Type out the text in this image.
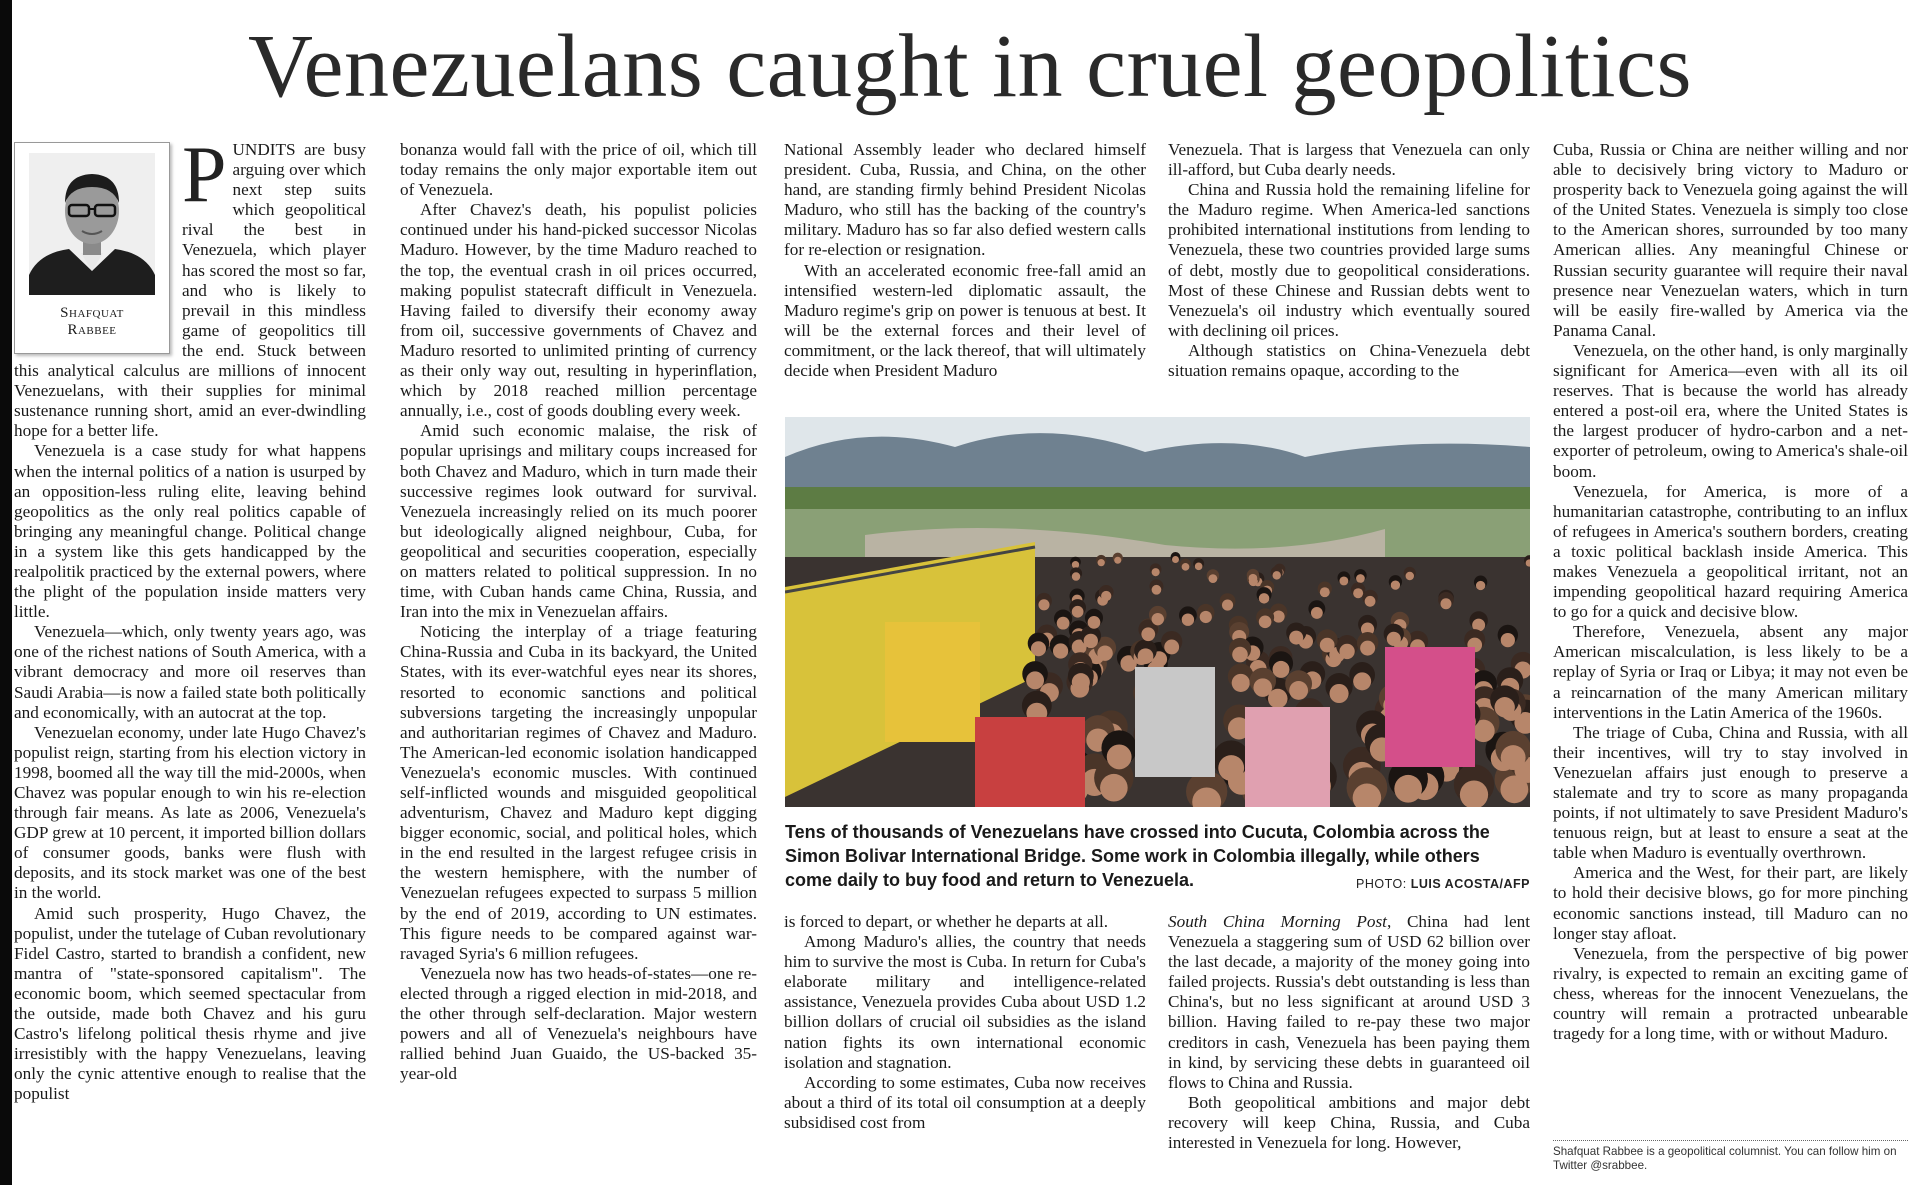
Venezuelans caught in cruel geopolitics
Shafquat
Rabbee

PUNDITS are busy arguing over which next step suits which geopolitical rival the best in Venezuela, which player has scored the most so far, and who is likely to prevail in this mindless game of geopolitics till the end. Stuck between this analytical calculus are millions of innocent Venezuelans, with their supplies for minimal sustenance running short, amid an ever-dwindling hope for a better life.

Venezuela is a case study for what happens when the internal politics of a nation is usurped by an opposition-less ruling elite, leaving behind geopolitics as the only real politics capable of bringing any meaningful change. Political change in a system like this gets handicapped by the realpolitik practiced by the external powers, where the plight of the population inside matters very little.

Venezuela—which, only twenty years ago, was one of the richest nations of South America, with a vibrant democracy and more oil reserves than Saudi Arabia—is now a failed state both politically and economically, with an autocrat at the top.

Venezuelan economy, under late Hugo Chavez's populist reign, starting from his election victory in 1998, boomed all the way till the mid-2000s, when Chavez was popular enough to win his re-election through fair means. As late as 2006, Venezuela's GDP grew at 10 percent, it imported billion dollars of consumer goods, banks were flush with deposits, and its stock market was one of the best in the world.

Amid such prosperity, Hugo Chavez, the populist, under the tutelage of Cuban revolutionary Fidel Castro, started to brandish a confident, new mantra of "state-sponsored capitalism". The economic boom, which seemed spectacular from the outside, made both Chavez and his guru Castro's lifelong political thesis rhyme and jive irresistibly with the happy Venezuelans, leaving only the cynic attentive enough to realise that the populist

bonanza would fall with the price of oil, which till today remains the only major exportable item out of Venezuela.

After Chavez's death, his populist policies continued under his hand-picked successor Nicolas Maduro. However, by the time Maduro reached to the top, the eventual crash in oil prices occurred, making populist statecraft difficult in Venezuela. Having failed to diversify their economy away from oil, successive governments of Chavez and Maduro resorted to unlimited printing of currency as their only way out, resulting in hyperinflation, which by 2018 reached million percentage annually, i.e., cost of goods doubling every week.

Amid such economic malaise, the risk of popular uprisings and military coups increased for both Chavez and Maduro, which in turn made their successive regimes look outward for survival. Venezuela increasingly relied on its much poorer but ideologically aligned neighbour, Cuba, for geopolitical and securities cooperation, especially on matters related to political suppression. In no time, with Cuban hands came China, Russia, and Iran into the mix in Venezuelan affairs.

Noticing the interplay of a triage featuring China-Russia and Cuba in its backyard, the United States, with its ever-watchful eyes near its shores, resorted to economic sanctions and political subversions targeting the increasingly unpopular and authoritarian regimes of Chavez and Maduro. The American-led economic isolation handicapped Venezuela's economic muscles. With continued self-inflicted wounds and misguided geopolitical adventurism, Chavez and Maduro kept digging bigger economic, social, and political holes, which in the end resulted in the largest refugee crisis in the western hemisphere, with the number of Venezuelan refugees expected to surpass 5 million by the end of 2019, according to UN estimates. This figure needs to be compared against war-ravaged Syria's 6 million refugees.

Venezuela now has two heads-of-states—one re-elected through a rigged election in mid-2018, and the other through self-declaration. Major western powers and all of Venezuela's neighbours have rallied behind Juan Guaido, the US-backed 35-year-old

National Assembly leader who declared himself president. Cuba, Russia, and China, on the other hand, are standing firmly behind President Nicolas Maduro, who still has the backing of the country's military. Maduro has so far also defied western calls for re-election or resignation.

With an accelerated economic free-fall amid an intensified western-led diplomatic assault, the Maduro regime's grip on power is tenuous at best. It will be the external forces and their level of commitment, or the lack thereof, that will ultimately decide when President Maduro

Venezuela. That is largess that Venezuela can only ill-afford, but Cuba dearly needs.

China and Russia hold the remaining lifeline for the Maduro regime. When America-led sanctions prohibited international institutions from lending to Venezuela, these two countries provided large sums of debt, mostly due to geopolitical considerations. Most of these Chinese and Russian debts went to Venezuela's oil industry which eventually soured with declining oil prices.

Although statistics on China-Venezuela debt situation remains opaque, according to the

Tens of thousands of Venezuelans have crossed into Cucuta, Colombia across the Simon Bolivar International Bridge. Some work in Colombia illegally, while others come daily to buy food and return to Venezuela.	PHOTO: LUIS ACOSTA/AFP

is forced to depart, or whether he departs at all.

Among Maduro's allies, the country that needs him to survive the most is Cuba. In return for Cuba's elaborate military and intelligence-related assistance, Venezuela provides Cuba about USD 1.2 billion dollars of crucial oil subsidies as the island nation fights its own international economic isolation and stagnation.

According to some estimates, Cuba now receives about a third of its total oil consumption at a deeply subsidised cost from

South China Morning Post, China had lent Venezuela a staggering sum of USD 62 billion over the last decade, a majority of the money going into failed projects. Russia's debt outstanding is less than China's, but no less significant at around USD 3 billion. Having failed to re-pay these two major creditors in cash, Venezuela has been paying them in kind, by servicing these debts in guaranteed oil flows to China and Russia.

Both geopolitical ambitions and major debt recovery will keep China, Russia, and Cuba interested in Venezuela for long. However,

Cuba, Russia or China are neither willing and nor able to decisively bring victory to Maduro or prosperity back to Venezuela going against the will of the United States. Venezuela is simply too close to the American shores, surrounded by too many American allies. Any meaningful Chinese or Russian security guarantee will require their naval presence near Venezuelan waters, which in turn will be easily fire-walled by America via the Panama Canal.

Venezuela, on the other hand, is only marginally significant for America—even with all its oil reserves. That is because the world has already entered a post-oil era, where the United States is the largest producer of hydro-carbon and a net-exporter of petroleum, owing to America's shale-oil boom.

Venezuela, for America, is more of a humanitarian catastrophe, contributing to an influx of refugees in America's southern borders, creating a toxic political backlash inside America. This makes Venezuela a geopolitical irritant, not an impending geopolitical hazard requiring America to go for a quick and decisive blow.

Therefore, Venezuela, absent any major American miscalculation, is less likely to be a replay of Syria or Iraq or Libya; it may not even be a reincarnation of the many American military interventions in the Latin America of the 1960s.

The triage of Cuba, China and Russia, with all their incentives, will try to stay involved in Venezuelan affairs just enough to preserve a stalemate and try to score as many propaganda points, if not ultimately to save President Maduro's tenuous reign, but at least to ensure a seat at the table when Maduro is eventually overthrown.

America and the West, for their part, are likely to hold their decisive blows, go for more pinching economic sanctions instead, till Maduro can no longer stay afloat.

Venezuela, from the perspective of big power rivalry, is expected to remain an exciting game of chess, whereas for the innocent Venezuelans, the country will remain a protracted unbearable tragedy for a long time, with or without Maduro.

Shafquat Rabbee is a geopolitical columnist. You can follow him on Twitter @srabbee.
